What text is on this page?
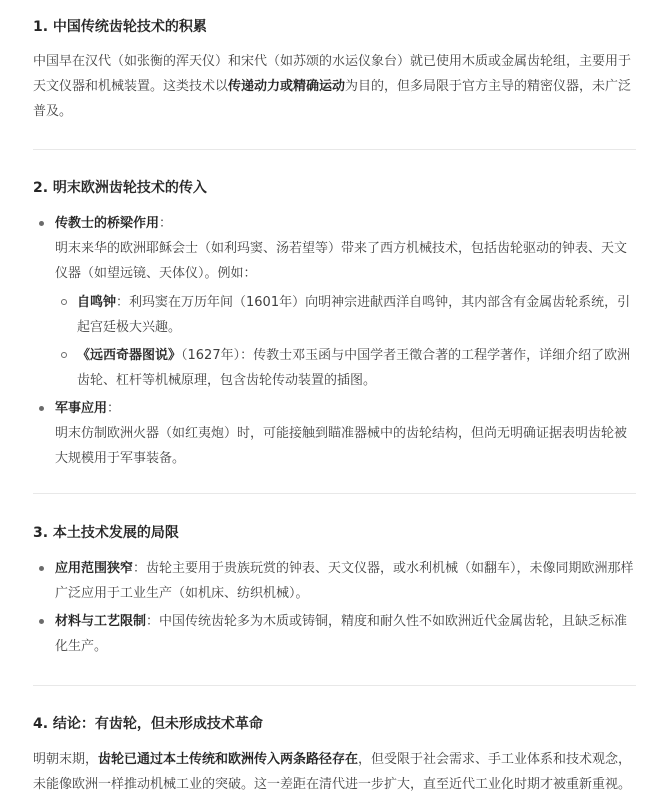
1. 中国传统齿轮技术的积累

中国早在汉代（如张衡的浑天仪）和宋代（如苏颂的水运仪象台）就已使用木质或金属齿轮组，主要用于天文仪器和机械装置。这类技术以传递动力或精确运动为目的，但多局限于官方主导的精密仪器，未广泛普及。

2. 明末欧洲齿轮技术的传入
传教士的桥梁作用：
明末来华的欧洲耶稣会士（如利玛窦、汤若望等）带来了西方机械技术，包括齿轮驱动的钟表、天文仪器（如望远镜、天体仪）。例如：
自鸣钟：利玛窦在万历年间（1601年）向明神宗进献西洋自鸣钟，其内部含有金属齿轮系统，引起宫廷极大兴趣。
《远西奇器图说》（1627年）：传教士邓玉函与中国学者王徵合著的工程学著作，详细介绍了欧洲齿轮、杠杆等机械原理，包含齿轮传动装置的插图。
军事应用：
明末仿制欧洲火器（如红夷炮）时，可能接触到瞄准器械中的齿轮结构，但尚无明确证据表明齿轮被大规模用于军事装备。
3. 本土技术发展的局限
应用范围狭窄：齿轮主要用于贵族玩赏的钟表、天文仪器，或水利机械（如翻车），未像同期欧洲那样广泛应用于工业生产（如机床、纺织机械）。
材料与工艺限制：中国传统齿轮多为木质或铸铜，精度和耐久性不如欧洲近代金属齿轮，且缺乏标准化生产。
4. 结论：有齿轮，但未形成技术革命

明朝末期，齿轮已通过本土传统和欧洲传入两条路径存在，但受限于社会需求、手工业体系和技术观念，未能像欧洲一样推动机械工业的突破。这一差距在清代进一步扩大，直至近代工业化时期才被重新重视。
